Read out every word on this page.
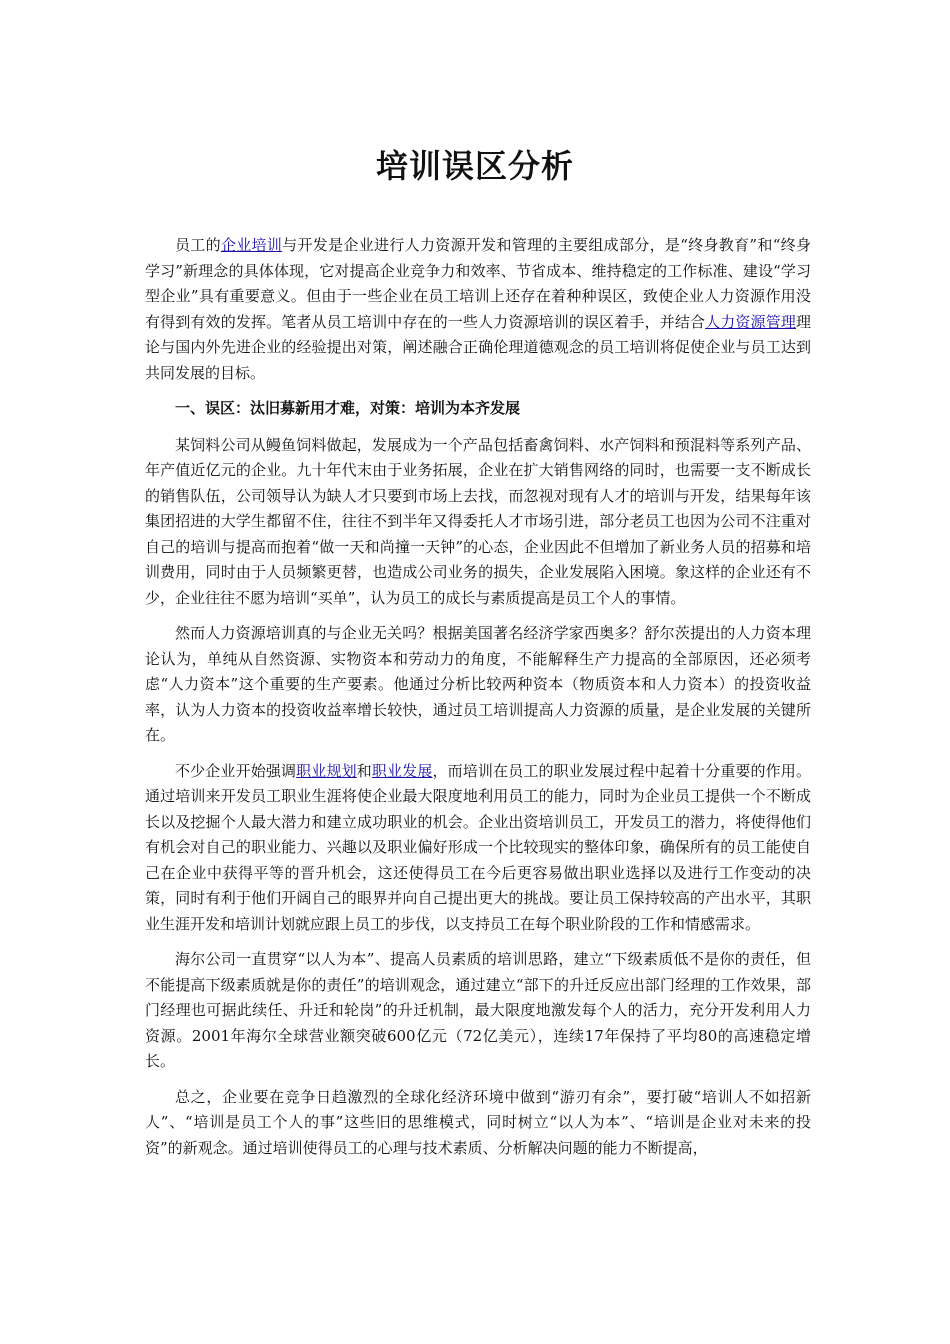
培训误区分析

员工的企业培训与开发是企业进行人力资源开发和管理的主要组成部分，是“终身教育”和“终身学习”新理念的具体体现，它对提高企业竞争力和效率、节省成本、维持稳定的工作标准、建设“学习型企业”具有重要意义。但由于一些企业在员工培训上还存在着种种误区，致使企业人力资源作用没有得到有效的发挥。笔者从员工培训中存在的一些人力资源培训的误区着手，并结合人力资源管理理论与国内外先进企业的经验提出对策，阐述融合正确伦理道德观念的员工培训将促使企业与员工达到共同发展的目标。

一、误区：汰旧募新用才难，对策：培训为本齐发展

某饲料公司从鳗鱼饲料做起，发展成为一个产品包括畜禽饲料、水产饲料和预混料等系列产品、年产值近亿元的企业。九十年代末由于业务拓展，企业在扩大销售网络的同时，也需要一支不断成长的销售队伍，公司领导认为缺人才只要到市场上去找，而忽视对现有人才的培训与开发，结果每年该集团招进的大学生都留不住，往往不到半年又得委托人才市场引进，部分老员工也因为公司不注重对自己的培训与提高而抱着“做一天和尚撞一天钟”的心态，企业因此不但增加了新业务人员的招募和培训费用，同时由于人员频繁更替，也造成公司业务的损失，企业发展陷入困境。象这样的企业还有不少，企业往往不愿为培训“买单”，认为员工的成长与素质提高是员工个人的事情。

然而人力资源培训真的与企业无关吗？根据美国著名经济学家西奥多？舒尔茨提出的人力资本理论认为，单纯从自然资源、实物资本和劳动力的角度，不能解释生产力提高的全部原因，还必须考虑“人力资本”这个重要的生产要素。他通过分析比较两种资本（物质资本和人力资本）的投资收益率，认为人力资本的投资收益率增长较快，通过员工培训提高人力资源的质量，是企业发展的关键所在。

不少企业开始强调职业规划和职业发展，而培训在员工的职业发展过程中起着十分重要的作用。通过培训来开发员工职业生涯将使企业最大限度地利用员工的能力，同时为企业员工提供一个不断成长以及挖掘个人最大潜力和建立成功职业的机会。企业出资培训员工，开发员工的潜力，将使得他们有机会对自己的职业能力、兴趣以及职业偏好形成一个比较现实的整体印象，确保所有的员工能使自己在企业中获得平等的晋升机会，这还使得员工在今后更容易做出职业选择以及进行工作变动的决策，同时有利于他们开阔自己的眼界并向自己提出更大的挑战。要让员工保持较高的产出水平，其职业生涯开发和培训计划就应跟上员工的步伐，以支持员工在每个职业阶段的工作和情感需求。

海尔公司一直贯穿“以人为本”、提高人员素质的培训思路，建立“下级素质低不是你的责任，但不能提高下级素质就是你的责任”的培训观念，通过建立“部下的升迁反应出部门经理的工作效果，部门经理也可据此续任、升迁和轮岗”的升迁机制，最大限度地激发每个人的活力，充分开发利用人力资源。2001年海尔全球营业额突破600亿元（72亿美元），连续17年保持了平均80的高速稳定增长。

总之，企业要在竞争日趋激烈的全球化经济环境中做到“游刃有余”，要打破“培训人不如招新人”、“培训是员工个人的事”这些旧的思维模式，同时树立“以人为本”、“培训是企业对未来的投资”的新观念。通过培训使得员工的心理与技术素质、分析解决问题的能力不断提高，
